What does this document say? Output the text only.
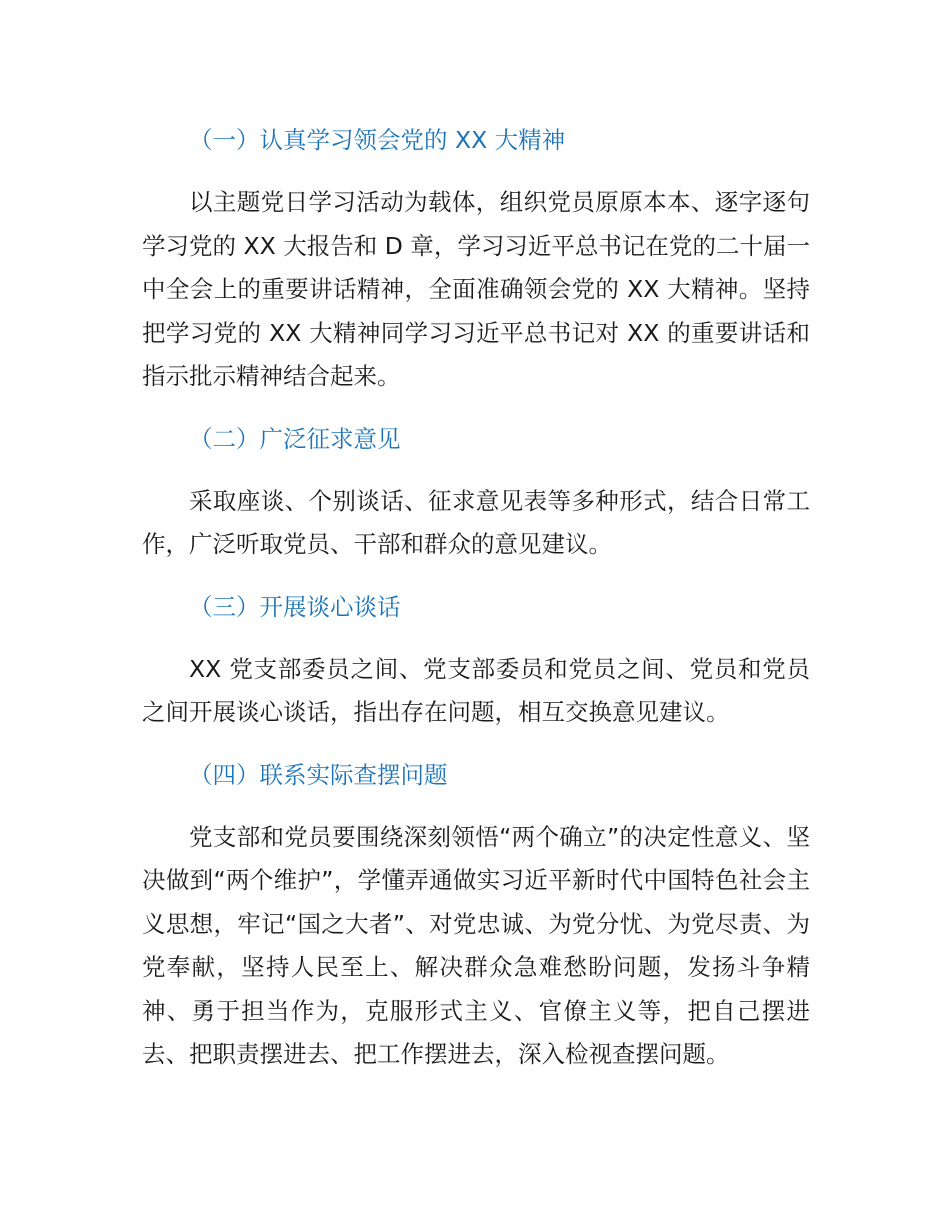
（一）认真学习领会党的 XX 大精神

以主题党日学习活动为载体，组织党员原原本本、逐字逐句学习党的 XX 大报告和 D 章，学习习近平总书记在党的二十届一中全会上的重要讲话精神，全面准确领会党的 XX 大精神。坚持把学习党的 XX 大精神同学习习近平总书记对 XX 的重要讲话和指示批示精神结合起来。

（二）广泛征求意见

采取座谈、个别谈话、征求意见表等多种形式，结合日常工作，广泛听取党员、干部和群众的意见建议。

（三）开展谈心谈话

XX 党支部委员之间、党支部委员和党员之间、党员和党员之间开展谈心谈话，指出存在问题，相互交换意见建议。

（四）联系实际查摆问题

党支部和党员要围绕深刻领悟“两个确立”的决定性意义、坚决做到“两个维护”，学懂弄通做实习近平新时代中国特色社会主义思想，牢记“国之大者”、对党忠诚、为党分忧、为党尽责、为党奉献，坚持人民至上、解决群众急难愁盼问题，发扬斗争精神、勇于担当作为，克服形式主义、官僚主义等，把自己摆进去、把职责摆进去、把工作摆进去，深入检视查摆问题。
